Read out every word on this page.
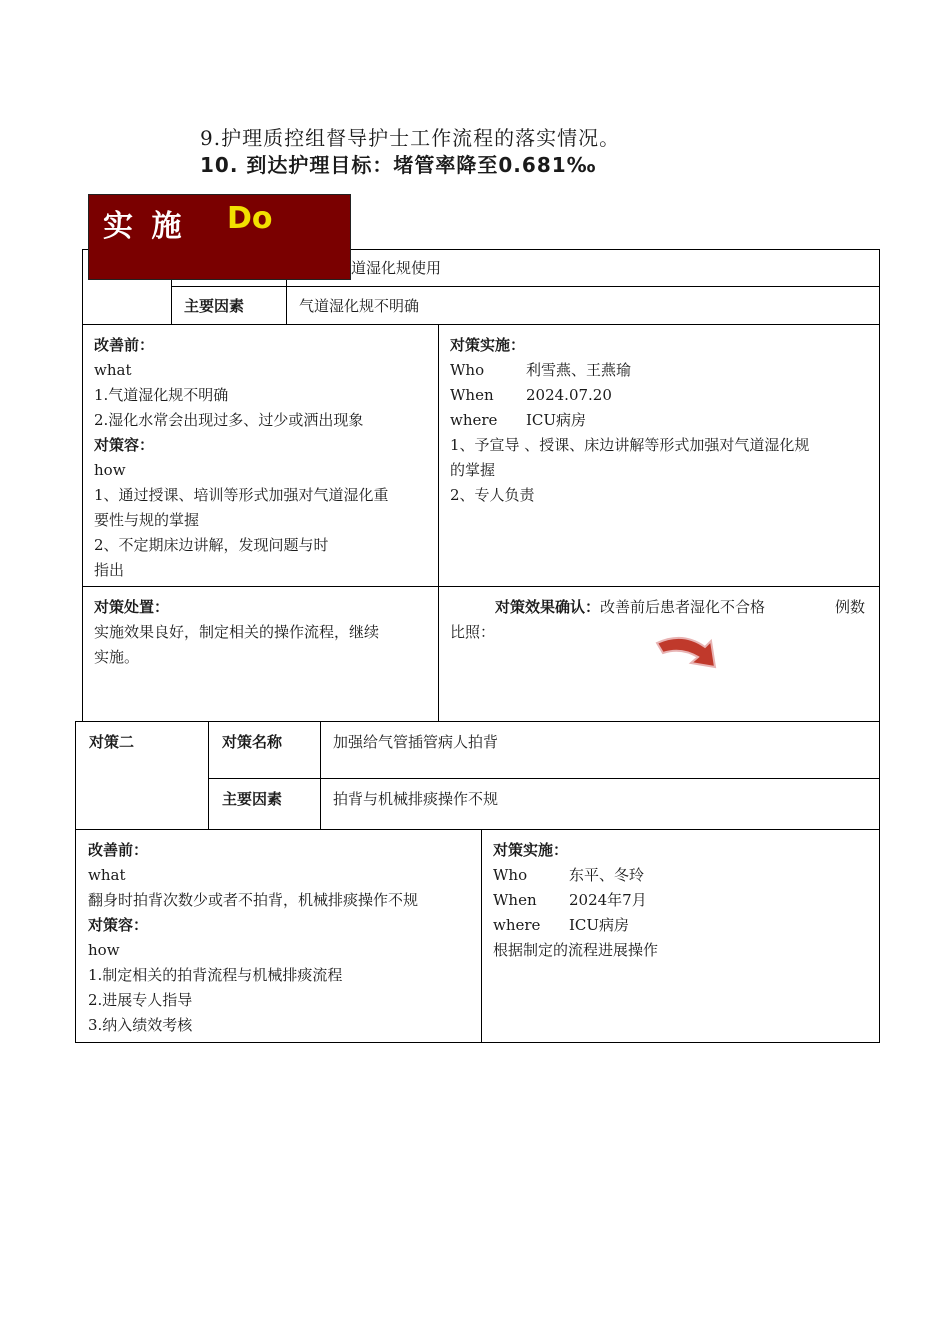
9.护理质控组督导护士工作流程的落实情况。
10. 到达护理目标：堵管率降至0.681‰
道湿化规使用
主要因素	气道湿化规不明确
改善前：
what
1.气道湿化规不明确
2.湿化水常会出现过多、过少或洒出现象
对策容：
how
1、通过授课、培训等形式加强对气道湿化重
要性与规的掌握
2、不定期床边讲解，发现问题与时
指出
对策实施：
Who	利雪燕、王燕瑜
When 2024.07.20
where ICU病房
1、予宣导 、授课、床边讲解等形式加强对气道湿化规
的掌握
2、专人负责
对策处置：
实施效果良好，制定相关的操作流程，继续
实施。
对策效果确认：改善前后患者湿化不合格	例数
比照：
实 施 Do
对策二	对策名称	加强给气管插管病人拍背
主要因素	拍背与机械排痰操作不规
改善前：
what
翻身时拍背次数少或者不拍背，机械排痰操作不规
对策容：
how
1.制定相关的拍背流程与机械排痰流程
2.进展专人指导
3.纳入绩效考核
对策实施：
Who	东平、冬玲
When 2024年7月
where ICU病房
根据制定的流程进展操作
